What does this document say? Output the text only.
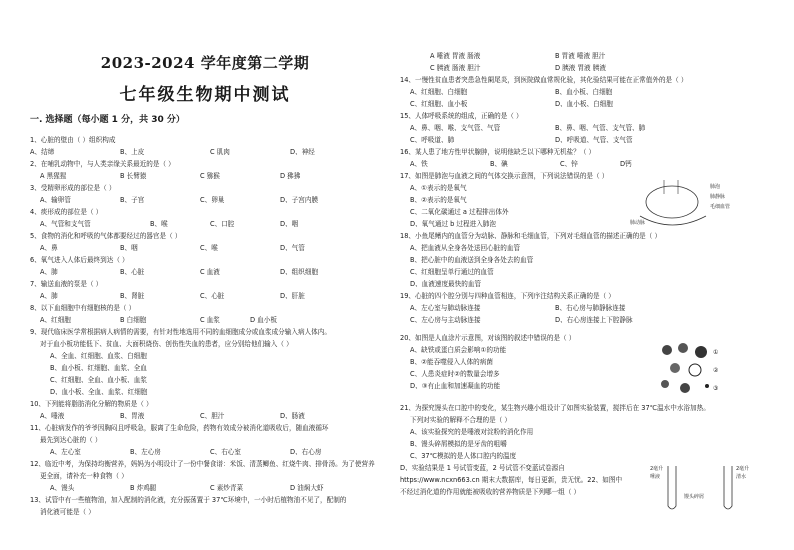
2023-2024 学年度第二学期
七年级生物期中测试
一. 选择题（每小题 1 分，共 30 分）
1、心脏的壁由（ ）组织构成
A、结缔	B、上皮	C 肌肉	D、神经
2、在哺乳动物中，与人类亲缘关系最近的是（ ）
A 黑猩猩	B 长臂猿	C 猕猴	D 狒狒
3、受精卵形成的部位是（ ）
A、输卵管	B、子宫	C、卵巢	D、子宫内膜
4、痰形成的部位是（ ）
A、气管和支气管	B、喉	C、口腔	D、咽
5、食物的消化和呼吸的气体都要经过的器官是（ ）
A、鼻	B、咽	C、喉	D、气管
6、氧气进入人体后最终到达（ ）
A、肺	B、心脏	C 血液	D、组织细胞
7、输送血液的泵是（ ）
A、肺	B、肾脏	C、心脏	D、肝脏
8、以下血细胞中有细胞核的是（ ）
A、红细胞	B 白细胞	C 血浆	D 血小板
9、现代临床医学常根据病人病情的需要，有针对性地选用不同的血细胞成分或血浆成分输入病人体内。
对于血小板功能低下、贫血、大面积烧伤、创伤性失血的患者，应分别给他们输入（ ）
A、全血、红细胞、血浆、白细胞
B、血小板、红细胞、血浆、全血
C、红细胞、全血、血小板、血浆
D、血小板、全血、血浆、红细胞
10、下列能将脂肪消化分解的物质是（ ）
A、唾液	B、胃液	C、胆汁	D、肠液
11、心脏病发作的爷爷因胸闷且呼吸急，服离了生命危险，药物有效成分被消化道吸收后，随血液循环
最先到达心脏的（ ）
A、左心室	B、左心房	C、右心室	D、右心房
12、临近中考，为保持均衡营养，妈妈为小明设计了一份中餐食谱：米饭、清蒸鲫鱼、红烧牛肉、排骨汤。为了使营养
更全面，请补充一种食物（ ）
A、馒头	B 炸鸡腿	C 素炒青菜	D 油焖大虾
13、试管中有一些植物油，加入配制的消化液，充分振荡置于 37℃环境中，一小时后植物油不见了，配制的
消化液可能是（ ）
A 唾液 胃液 肠液	B 胃液 唾液 胆汁
C 胰液 肠液 胆汁	D 胰液 胃液 胰液
14、一慢性贫血患者突患急性阑尾炎，到医院做血常规化验，其化验结果可能在正常值外的是（ ）
A、红细胞、白细胞	B、血小板、白细胞
C、红细胞、血小板	D、血小板、白细胞
15、人体呼吸系统的组成，正确的是（ ）
A、鼻、咽、喉、支气管、气管	B、鼻、咽、气管、支气管、肺
C、呼吸道、肺	D、呼吸道、气管、支气管
16、某人患了地方性甲状腺肿，说明他缺乏以下哪种无机盐？（ ）
A、铁	B、碘	C、锌	D钙
17、如图是肺泡与血液之间的气体交换示意图，下列说法错误的是（ ）
A、①表示的是氧气
B、②表示的是氧气
C、二氧化碳通过 a 过程排出体外
D、氧气通过 b 过程进入肺泡
18、小鱼尾鳍内的血管分为动脉、静脉和毛细血管，下列对毛细血管的描述正确的是（ ）
A、把血液从全身各处送回心脏的血管
B、把心脏中的血液送到全身各处去的血管
C、红细胞呈单行通过的血管
D、血液速度最快的血管
19、心脏的四个腔分别与四种血管相连，下列序注结构关系正确的是（ ）
A、左心室与肺动脉连接	B、右心房与肺静脉连接
C、左心房与主动脉连接	D、右心房连接上下腔静脉
20、如图是人血涂片示意图，对该图的叙述中错误的是（ ）
A、缺铁或蛋白质会影响①的功能
B、②能吞噬侵入人体的病菌
C、人患炎症时②的数量会增多
D、③有止血和加速凝血的功能
21、为探究馒头在口腔中的变化，某生物兴趣小组设计了如图实验装置，搅拌后在 37℃温水中水浴加热。
下列对实验的解释不合理的是（ ）
A、该实验探究的是唾液对淀粉的消化作用
B、馒头碎屑模拟的是牙齿的咀嚼
C、37℃模拟的是人体口腔内的温度
D、实验结果是 1 号试管变蓝，2 号试管不变蓝试卷源自
https://www.ncxn663.cn 期末大数据库，每日更新，贵无忧。22、如图中
不经过消化道的作用就能被吸收的营养物质是下列哪一组（ ）
肺泡
肺静脉
毛细血管
肺动脉
①
②
③
2毫升
唾液
馒头碎屑
2毫升
清水
